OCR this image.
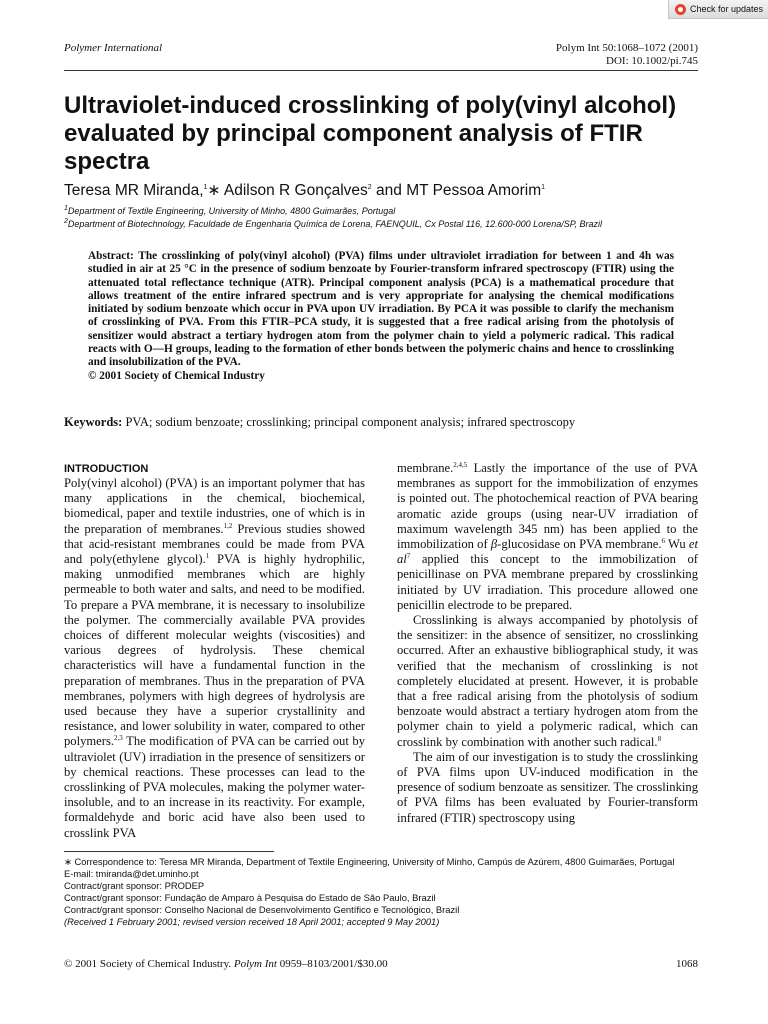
Check for updates
Polymer International	Polym Int 50:1068–1072 (2001)
DOI: 10.1002/pi.745
Ultraviolet-induced crosslinking of poly(vinyl alcohol) evaluated by principal component analysis of FTIR spectra
Teresa MR Miranda,$^1$∗ Adilson R Gonçalves$^2$ and MT Pessoa Amorim$^1$
$^1$Department of Textile Engineering, University of Minho, 4800 Guimarães, Portugal
$^2$Department of Biotechnology, Faculdade de Engenharia Química de Lorena, FAENQUIL, Cx Postal 116, 12.600-000 Lorena/SP, Brazil
Abstract: The crosslinking of poly(vinyl alcohol) (PVA) films under ultraviolet irradiation for between 1 and 4h was studied in air at 25 °C in the presence of sodium benzoate by Fourier-transform infrared spectroscopy (FTIR) using the attenuated total reflectance technique (ATR). Principal component analysis (PCA) is a mathematical procedure that allows treatment of the entire infrared spectrum and is very appropriate for analysing the chemical modifications initiated by sodium benzoate which occur in PVA upon UV irradiation. By PCA it was possible to clarify the mechanism of crosslinking of PVA. From this FTIR–PCA study, it is suggested that a free radical arising from the photolysis of sensitizer would abstract a tertiary hydrogen atom from the polymer chain to yield a polymeric radical. This radical reacts with O—H groups, leading to the formation of ether bonds between the polymeric chains and hence to crosslinking and insolubilization of the PVA.
© 2001 Society of Chemical Industry
Keywords: PVA; sodium benzoate; crosslinking; principal component analysis; infrared spectroscopy
INTRODUCTION

Poly(vinyl alcohol) (PVA) is an important polymer that has many applications in the chemical, biochemical, biomedical, paper and textile industries, one of which is in the preparation of membranes.$^{1,2}$ Previous studies showed that acid-resistant membranes could be made from PVA and poly(ethylene glycol).$^1$ PVA is highly hydrophilic, making unmodified membranes which are highly permeable to both water and salts, and need to be modified. To prepare a PVA membrane, it is necessary to insolubilize the polymer. The commercially available PVA provides choices of different molecular weights (viscosities) and various degrees of hydrolysis. These chemical characteristics will have a fundamental function in the preparation of membranes. Thus in the preparation of PVA membranes, polymers with high degrees of hydrolysis are used because they have a superior crystallinity and resistance, and lower solubility in water, compared to other polymers.$^{2,3}$ The modification of PVA can be carried out by ultraviolet (UV) irradiation in the presence of sensitizers or by chemical reactions. These processes can lead to the crosslinking of PVA molecules, making the polymer water-insoluble, and to an increase in its reactivity. For example, formaldehyde and boric acid have also been used to crosslink PVA

membrane.$^{2,4,5}$ Lastly the importance of the use of PVA membranes as support for the immobilization of enzymes is pointed out. The photochemical reaction of PVA bearing aromatic azide groups (using near-UV irradiation of maximum wavelength 345 nm) has been applied to the immobilization of β-glucosidase on PVA membrane.$^6$ Wu et $al^7$ applied this concept to the immobilization of penicillinase on PVA membrane prepared by crosslinking initiated by UV irradiation. This procedure allowed one penicillin electrode to be prepared.

Crosslinking is always accompanied by photolysis of the sensitizer: in the absence of sensitizer, no crosslinking occurred. After an exhaustive bibliographical study, it was verified that the mechanism of crosslinking is not completely elucidated at present. However, it is probable that a free radical arising from the photolysis of sodium benzoate would abstract a tertiary hydrogen atom from the polymer chain to yield a polymeric radical, which can crosslink by combination with another such radical.$^8$

The aim of our investigation is to study the crosslinking of PVA films upon UV-induced modification in the presence of sodium benzoate as sensitizer. The crosslinking of PVA films has been evaluated by Fourier-transform infrared (FTIR) spectroscopy using

∗ Correspondence to: Teresa MR Miranda, Department of Textile Engineering, University of Minho, Campús de Azúrem, 4800 Guimarães, Portugal
E-mail: tmiranda@det.uminho.pt
Contract/grant sponsor: PRODEP
Contract/grant sponsor: Fundação de Amparo à Pesquisa do Estado de São Paulo, Brazil
Contract/grant sponsor: Conselho Nacional de Desenvolvimento Gentífico e Tecnológico, Brazil
(Received 1 February 2001; revised version received 18 April 2001; accepted 9 May 2001)
© 2001 Society of Chemical Industry. Polym Int 0959–8103/2001/$30.00	1068
